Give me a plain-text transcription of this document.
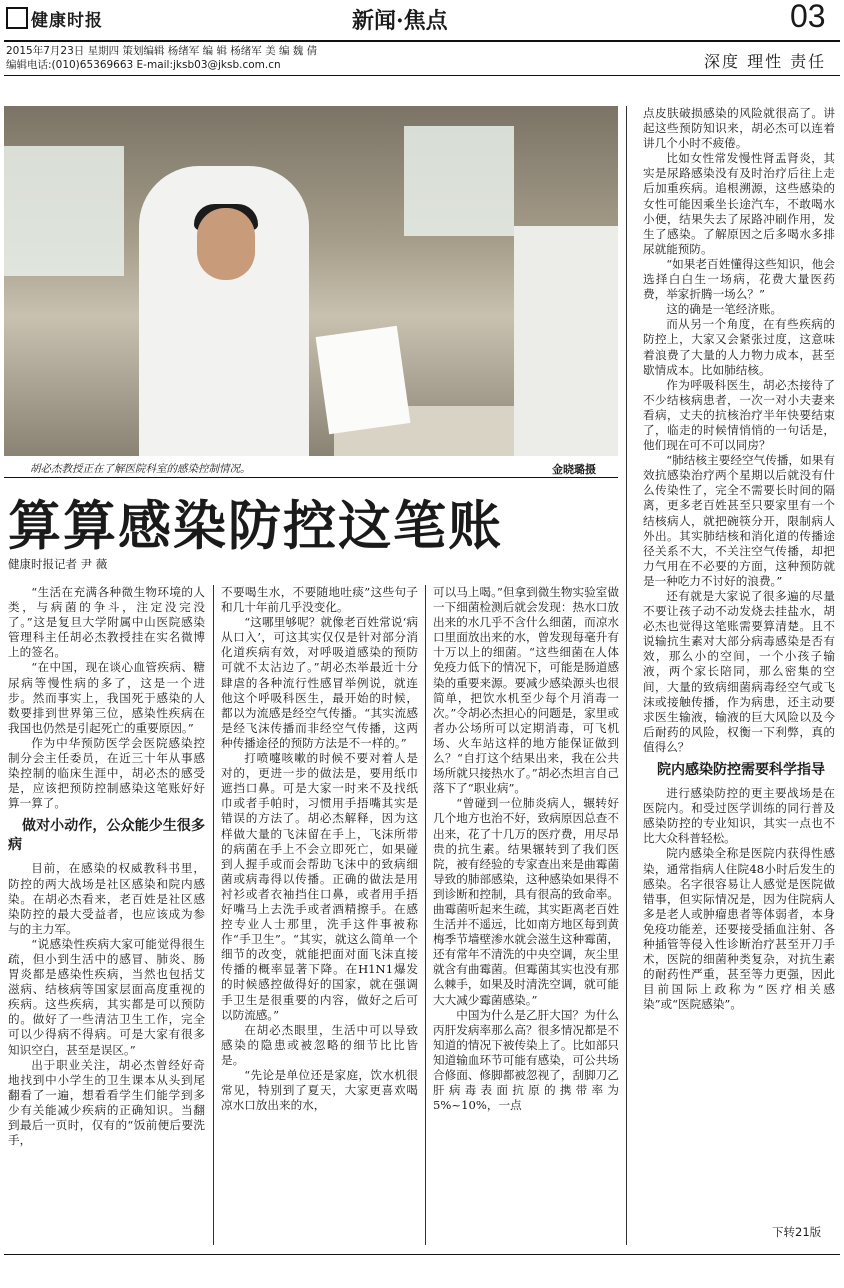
健康时报	新闻·焦点	03
2015年7月23日 星期四 策划编辑 杨绪军 编 辑 杨绪军 美 编 魏 倩
编辑电话:(010)65369663 E-mail:jksb03@jksb.com.cn	深度 理性 责任
胡必杰教授正在了解医院科室的感染控制情况。	金晓璐摄
算算感染防控这笔账
健康时报记者 尹 薇

“生活在充满各种微生物环境的人类，与病菌的争斗，注定没完没了。”这是复旦大学附属中山医院感染管理科主任胡必杰教授挂在实名微博上的签名。

“在中国，现在谈心血管疾病、糖尿病等慢性病的多了，这是一个进步。然而事实上，我国死于感染的人数要排到世界第三位，感染性疾病在我国也仍然是引起死亡的重要原因。”

作为中华预防医学会医院感染控制分会主任委员，在近三十年从事感染控制的临床生涯中，胡必杰的感受是，应该把预防控制感染这笔账好好算一算了。

做对小动作，公众能少生很多病

目前，在感染的权威教科书里，防控的两大战场是社区感染和院内感染。在胡必杰看来，老百姓是社区感染防控的最大受益者，也应该成为参与的主力军。

“说感染性疾病大家可能觉得很生疏，但小到生活中的感冒、肺炎、肠胃炎都是感染性疾病，当然也包括艾滋病、结核病等国家层面高度重视的疾病。这些疾病，其实都是可以预防的。做好了一些清洁卫生工作，完全可以少得病不得病。可是大家有很多知识空白，甚至是误区。”

出于职业关注，胡必杰曾经好奇地找到中小学生的卫生课本从头到尾翻看了一遍，想看看学生们能学到多少有关能减少疾病的正确知识。当翻到最后一页时，仅有的“饭前便后要洗手，

不要喝生水，不要随地吐痰”这些句子和几十年前几乎没变化。

“这哪里够呢？就像老百姓常说‘病从口入’，可这其实仅仅是针对部分消化道疾病有效，对呼吸道感染的预防可就不太沾边了。”胡必杰举最近十分肆虐的各种流行性感冒举例说，就连他这个呼吸科医生，最开始的时候，都以为流感是经空气传播。“其实流感是经飞沫传播而非经空气传播，这两种传播途径的预防方法是不一样的。”

打喷嚏咳嗽的时候不要对着人是对的，更进一步的做法是，要用纸巾遮挡口鼻。可是大家一时来不及找纸巾或者手帕时，习惯用手捂嘴其实是错误的方法了。胡必杰解释，因为这样做大量的飞沫留在手上，飞沫所带的病菌在手上不会立即死亡，如果碰到人握手或而会帮助飞沫中的致病细菌或病毒得以传播。正确的做法是用衬衫或者衣袖挡住口鼻，或者用手捂好嘴马上去洗手或者酒精擦手。在感控专业人士那里，洗手这件事被称作“手卫生”。“其实，就这么简单一个细节的改变，就能把面对面飞沫直接传播的概率显著下降。在H1N1爆发的时候感控做得好的国家，就在强调手卫生是很重要的内容，做好之后可以防流感。”

在胡必杰眼里，生活中可以导致感染的隐患或被忽略的细节比比皆是。

“先论是单位还是家庭，饮水机很常见，特别到了夏天，大家更喜欢喝凉水口放出来的水，

可以马上喝。”但拿到微生物实验室做一下细菌检测后就会发现：热水口放出来的水几乎不含什么细菌，而凉水口里面放出来的水，曾发现每毫升有十万以上的细菌。“这些细菌在人体免疫力低下的情况下，可能是肠道感染的重要来源。要减少感染源头也很简单，把饮水机至少每个月消毒一次。”令胡必杰担心的问题是，家里或者办公场所可以定期消毒，可飞机场、火车站这样的地方能保证做到么？“自打这个结果出来，我在公共场所就只接热水了。”胡必杰坦言自己落下了“职业病”。

“曾碰到一位肺炎病人，辗转好几个地方也治不好，致病原因总查不出来，花了十几万的医疗费，用尽昂贵的抗生素。结果辗转到了我们医院，被有经验的专家查出来是曲霉菌导致的肺部感染，这种感染如果得不到诊断和控制，具有很高的致命率。曲霉菌听起来生疏，其实距离老百姓生活并不遥远，比如南方地区每到黄梅季节墙壁渗水就会滋生这种霉菌，还有常年不清洗的中央空调，灰尘里就含有曲霉菌。但霉菌其实也没有那么棘手，如果及时清洗空调，就可能大大减少霉菌感染。”

中国为什么是乙肝大国？为什么丙肝发病率那么高？很多情况都是不知道的情况下被传染上了。比如部只知道输血环节可能有感染，可公共场合修面、修脚都被忽视了，刮脚刀乙肝病毒表面抗原的携带率为5%~10%，一点

点皮肤破损感染的风险就很高了。讲起这些预防知识来，胡必杰可以连着讲几个小时不疲倦。

比如女性常发慢性肾盂肾炎，其实是尿路感染没有及时治疗后往上走后加重疾病。追根溯源，这些感染的女性可能因乘坐长途汽车，不敢喝水小便，结果失去了尿路冲刷作用，发生了感染。了解原因之后多喝水多排尿就能预防。

“如果老百姓懂得这些知识，他会选择白白生一场病，花费大量医药费，举家折腾一场么？”

这的确是一笔经济账。

而从另一个角度，在有些疾病的防控上，大家又会紧张过度，这意味着浪费了大量的人力物力成本，甚至歇情成本。比如肺结核。

作为呼吸科医生，胡必杰接待了不少结核病患者，一次一对小夫妻来看病，丈夫的抗核治疗半年快要结束了，临走的时候情悄悄的一句话是，他们现在可不可以同房？

“肺结核主要经空气传播，如果有效抗感染治疗两个星期以后就没有什么传染性了，完全不需要长时间的隔离，更多老百姓甚至只要家里有一个结核病人，就把碗筷分开，限制病人外出。其实肺结核和消化道的传播途径关系不大，不关注空气传播，却把力气用在不必要的方面，这种预防就是一种吃力不讨好的浪费。”

还有就是大家说了很多遍的尽量不要让孩子动不动发烧去挂盐水，胡必杰也觉得这笔账需要算清楚。且不说输抗生素对大部分病毒感染是否有效，那么小的空间，一个小孩子输液，两个家长陪同，那么密集的空间，大量的致病细菌病毒经空气或飞沫或接触传播，作为病患，还主动要求医生输液，输液的巨大风险以及今后耐药的风险，权衡一下利弊，真的值得么？

院内感染防控需要科学指导

进行感染防控的更主要战场是在医院内。和受过医学训练的同行普及感染防控的专业知识，其实一点也不比大众科普轻松。

院内感染全称是医院内获得性感染，通常指病人住院48小时后发生的感染。名字很容易让人感觉是医院做错事，但实际情况是，因为住院病人多是老人或肿瘤患者等体弱者，本身免疫功能差，还要接受插血注射、各种插管等侵入性诊断治疗甚至开刀手术，医院的细菌种类复杂，对抗生素的耐药性严重，甚至等力更强，因此目前国际上政称为“医疗相关感染”或“医院感染”。

下转21版
